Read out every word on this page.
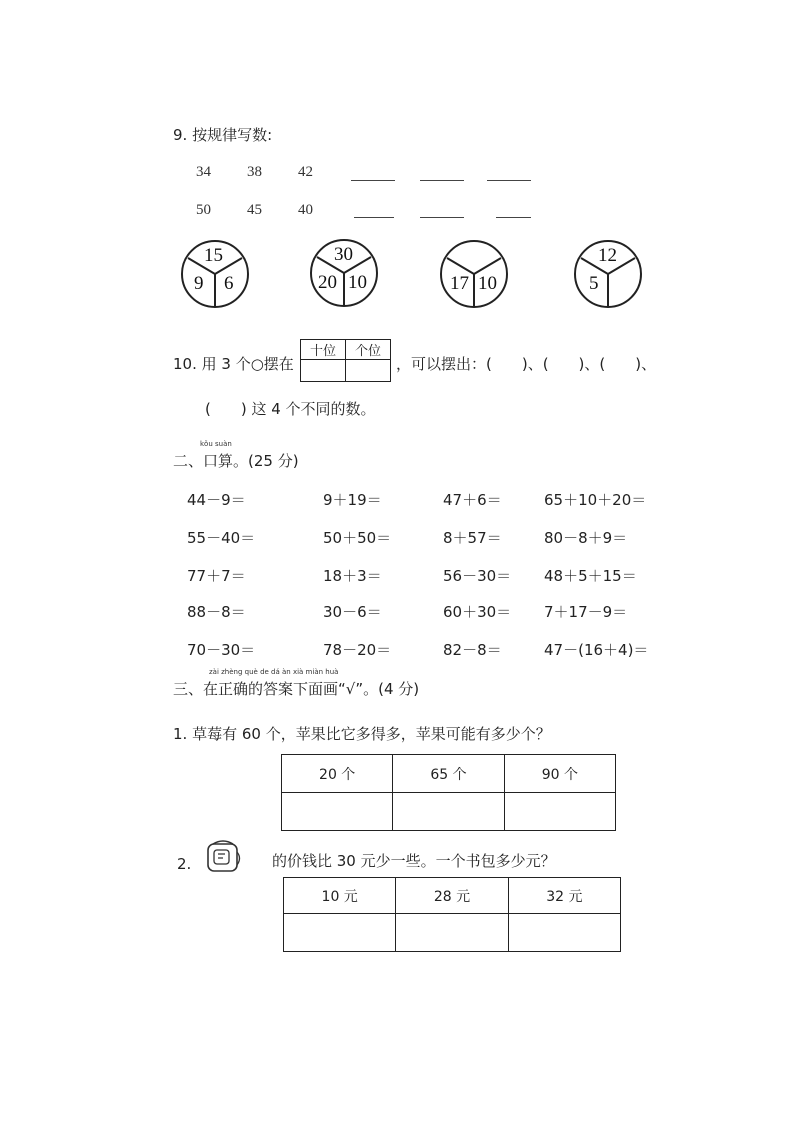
9. 按规律写数:
34 38 42
50 45 40
15
9 6
30
20 10	17 10
12
5
10. 用 3 个○摆在
十位	个位

，可以摆出：(　　)、(　　)、(　　)、
(　　) 这 4 个不同的数。
kǒu suàn
二、口算。(25 分)
44－9＝	9＋19＝	47＋6＝	65＋10＋20＝
55－40＝	50＋50＝	8＋57＝	80－8＋9＝
77＋7＝	18＋3＝	56－30＝ 48＋5＋15＝
88－8＝	30－6＝	60＋30＝ 7＋17－9＝
70－30＝	78－20＝	82－8＝	47－(16＋4)＝
zài zhèng què de dá àn xià miàn huà
三、在正确的答案下面画“√”。(4 分)
1. 草莓有 60 个，苹果比它多得多，苹果可能有多少个？
20 个	65 个	90 个

2.	的价钱比 30 元少一些。一个书包多少元？
10 元	28 元	32 元
